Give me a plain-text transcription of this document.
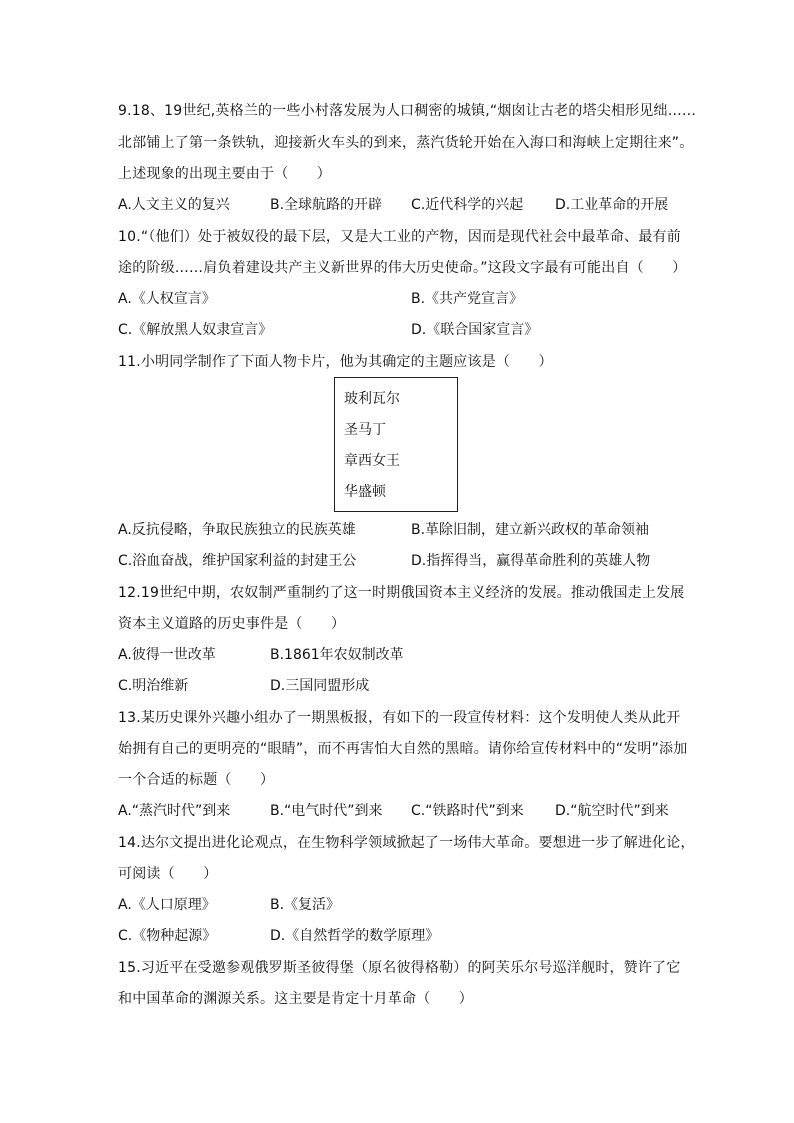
9.18、19世纪,英格兰的一些小村落发展为人口稠密的城镇,“烟囱让古老的塔尖相形见绌……
北部铺上了第一条铁轨，迎接新火车头的到来，蒸汽货轮开始在入海口和海峡上定期往来”。
上述现象的出现主要由于（　　）
A.人文主义的复兴	B.全球航路的开辟 C.近代科学的兴起 D.工业革命的开展
10.“（他们）处于被奴役的最下层，又是大工业的产物，因而是现代社会中最革命、最有前
途的阶级……肩负着建设共产主义新世界的伟大历史使命。”这段文字最有可能出自（　　）
A.《人权宣言》	B.《共产党宣言》
C.《解放黑人奴隶宣言》	D.《联合国家宣言》
11.小明同学制作了下面人物卡片，他为其确定的主题应该是（　　）
玻利瓦尔
圣马丁
章西女王
华盛顿
A.反抗侵略，争取民族独立的民族英雄	B.革除旧制，建立新兴政权的革命领袖
C.浴血奋战，维护国家利益的封建王公	D.指挥得当，赢得革命胜利的英雄人物
12.19世纪中期，农奴制严重制约了这一时期俄国资本主义经济的发展。推动俄国走上发展
资本主义道路的历史事件是（　　）
A.彼得一世改革	B.1861年农奴制改革
C.明治维新	D.三国同盟形成
13.某历史课外兴趣小组办了一期黑板报，有如下的一段宣传材料：这个发明使人类从此开
始拥有自己的更明亮的“眼睛”，而不再害怕大自然的黑暗。请你给宣传材料中的“发明”添加
一个合适的标题（　　）
A.“蒸汽时代”到来	B.“电气时代”到来 C.“铁路时代”到来 D.“航空时代”到来
14.达尔文提出进化论观点，在生物科学领域掀起了一场伟大革命。要想进一步了解进化论，
可阅读（　　）
A.《人口原理》	B.《复活》
C.《物种起源》	D.《自然哲学的数学原理》
15.习近平在受邀参观俄罗斯圣彼得堡（原名彼得格勒）的阿芙乐尔号巡洋舰时，赞许了它
和中国革命的渊源关系。这主要是肯定十月革命（　　）
